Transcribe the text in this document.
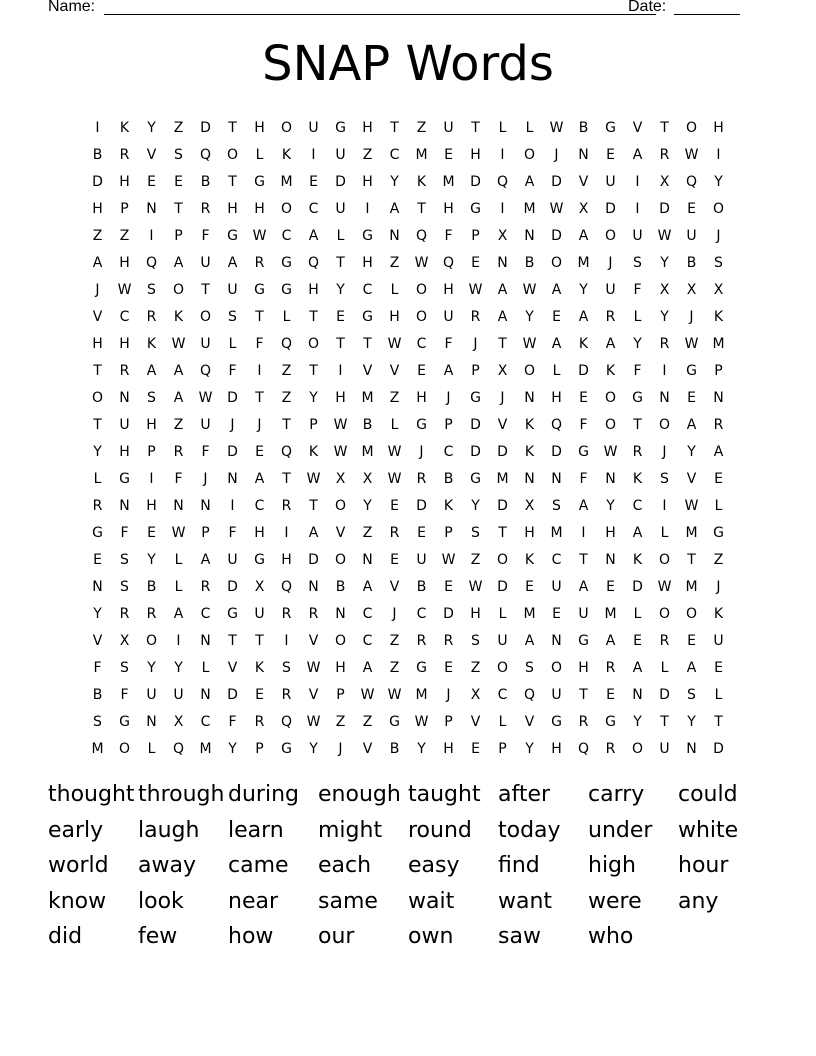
Name:	Date:
SNAP Words
I	K	Y	Z	D	T	H	O	U	G	H	T	Z	U	T	L	L	W	B	G	V	T	O	H
B	R	V	S	Q	O	L	K	I	U	Z	C	M	E	H	I	O	J	N	E	A	R	W	I
D	H	E	E	B	T	G	M	E	D	H	Y	K	M	D	Q	A	D	V	U	I	X	Q	Y
H	P	N	T	R	H	H	O	C	U	I	A	T	H	G	I	M	W	X	D	I	D	E	O
Z	Z	I	P	F	G	W	C	A	L	G	N	Q	F	P	X	N	D	A	O	U	W	U	J
A	H	Q	A	U	A	R	G	Q	T	H	Z	W	Q	E	N	B	O	M	J	S	Y	B	S
J	W	S	O	T	U	G	G	H	Y	C	L	O	H	W	A	W	A	Y	U	F	X	X	X
V	C	R	K	O	S	T	L	T	E	G	H	O	U	R	A	Y	E	A	R	L	Y	J	K
H	H	K	W	U	L	F	Q	O	T	T	W	C	F	J	T	W	A	K	A	Y	R	W	M
T	R	A	A	Q	F	I	Z	T	I	V	V	E	A	P	X	O	L	D	K	F	I	G	P
O	N	S	A	W	D	T	Z	Y	H	M	Z	H	J	G	J	N	H	E	O	G	N	E	N
T	U	H	Z	U	J	J	T	P	W	B	L	G	P	D	V	K	Q	F	O	T	O	A	R
Y	H	P	R	F	D	E	Q	K	W	M	W	J	C	D	D	K	D	G	W	R	J	Y	A
L	G	I	F	J	N	A	T	W	X	X	W	R	B	G	M	N	N	F	N	K	S	V	E
R	N	H	N	N	I	C	R	T	O	Y	E	D	K	Y	D	X	S	A	Y	C	I	W	L
G	F	E	W	P	F	H	I	A	V	Z	R	E	P	S	T	H	M	I	H	A	L	M	G
E	S	Y	L	A	U	G	H	D	O	N	E	U	W	Z	O	K	C	T	N	K	O	T	Z
N	S	B	L	R	D	X	Q	N	B	A	V	B	E	W	D	E	U	A	E	D	W	M	J
Y	R	R	A	C	G	U	R	R	N	C	J	C	D	H	L	M	E	U	M	L	O	O	K
V	X	O	I	N	T	T	I	V	O	C	Z	R	R	S	U	A	N	G	A	E	R	E	U
F	S	Y	Y	L	V	K	S	W	H	A	Z	G	E	Z	O	S	O	H	R	A	L	A	E
B	F	U	U	N	D	E	R	V	P	W W	M	J	X	C	Q	U	T	E	N	D	S	L
S	G	N	X	C	F	R	Q	W	Z	Z	G	W	P	V	L	V	G	R	G	Y	T	Y	T
M	O	L	Q	M	Y	P	G	Y	J	V	B	Y	H	E	P	Y	H	Q	R	O	U	N	D
thought through during enough taught after	carry	could
early	laugh	learn	might	round	today	under	white
world	away	came	each	easy	find	high	hour
know	look	near	same	wait	want	were	any
did	few	how	our	own	saw	who
